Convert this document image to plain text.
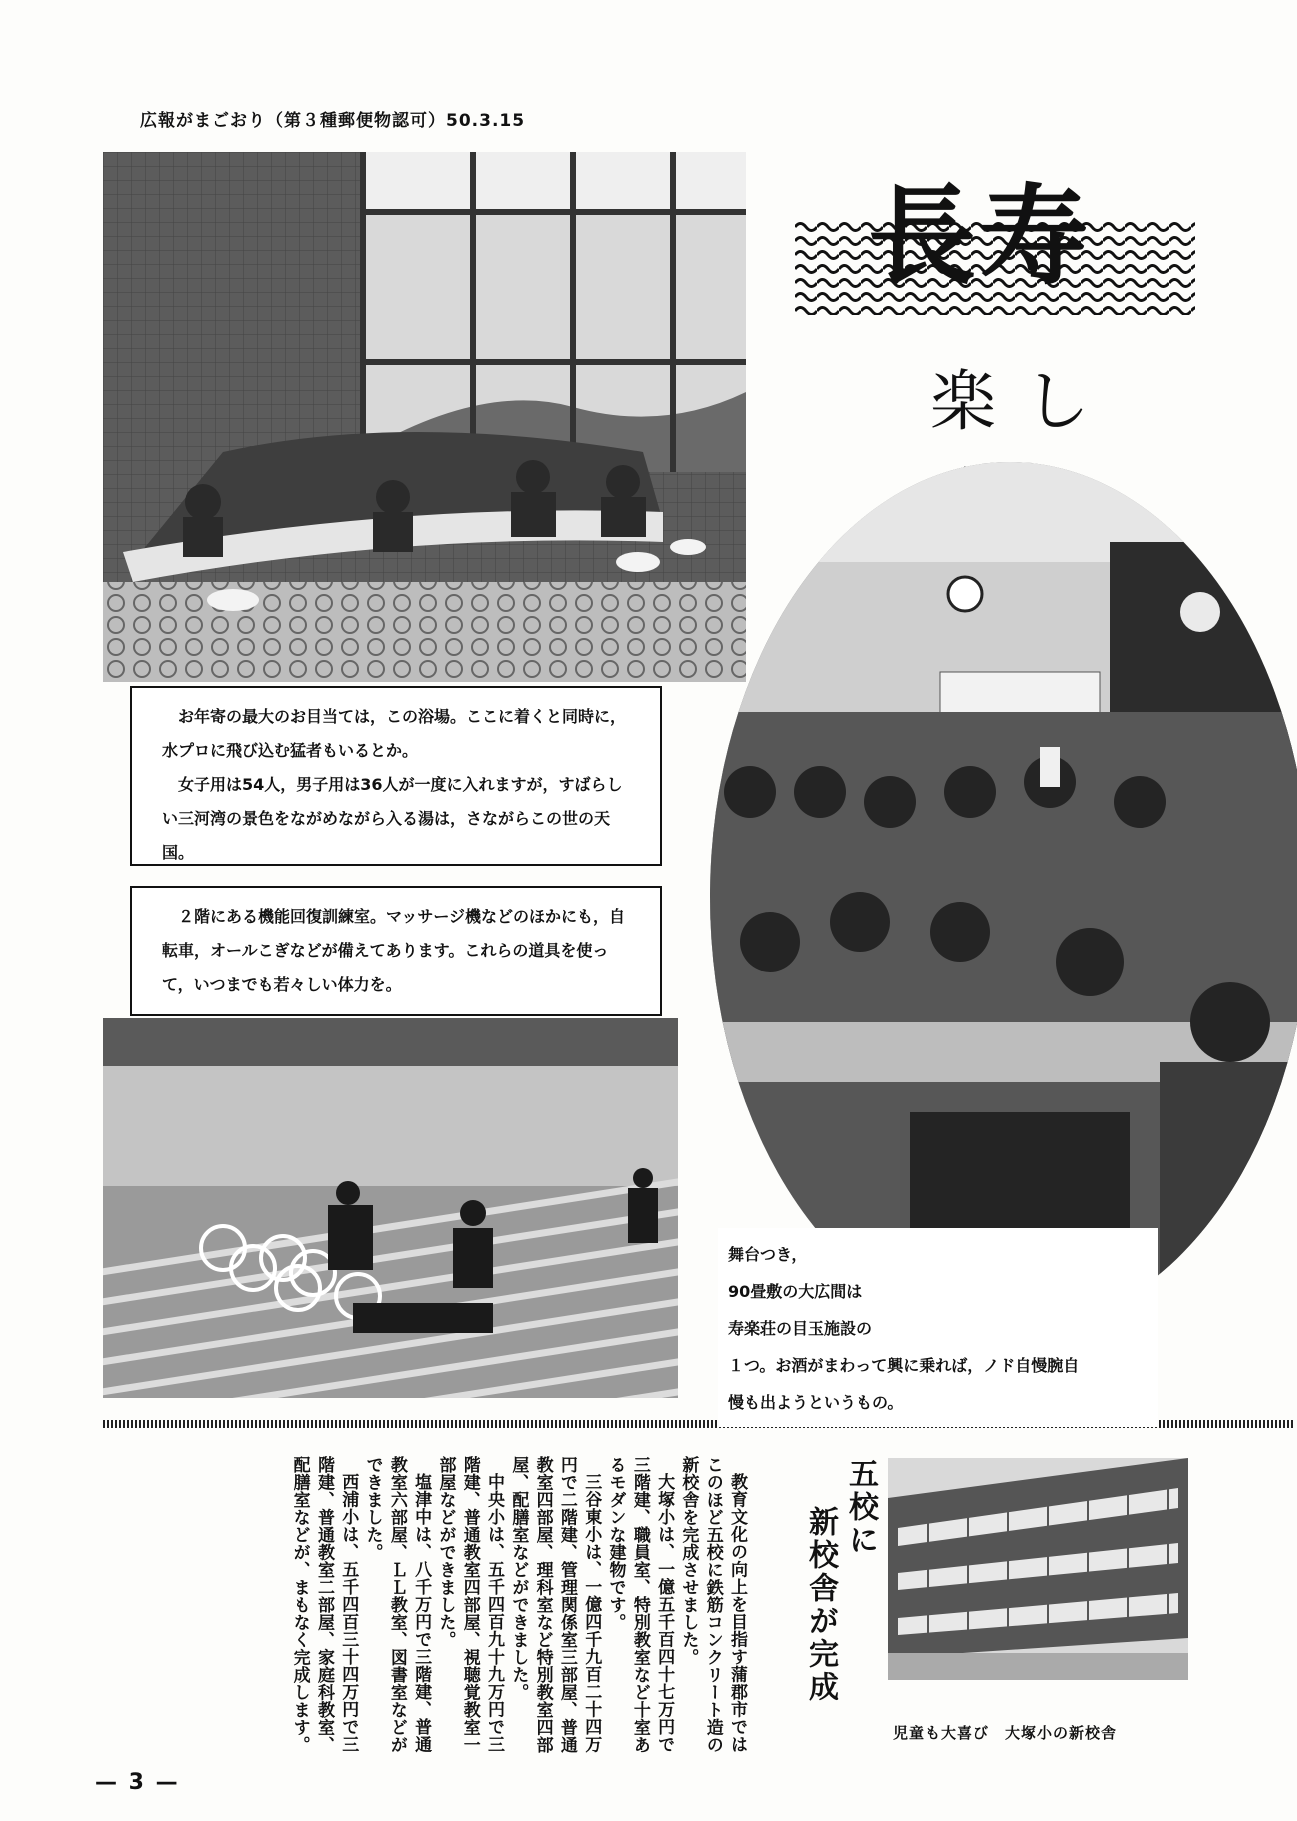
広報がまごおり（第３種郵便物認可）50.3.15
長寿
楽し

お年寄の最大のお目当ては，この浴場。ここに着くと同時に，水プロに飛び込む猛者もいるとか。

女子用は54人，男子用は36人が一度に入れますが，すばらしい三河湾の景色をながめながら入る湯は，さながらこの世の天国。

２階にある機能回復訓練室。マッサージ機などのほかにも，自転車，オールこぎなどが備えてあります。これらの道具を使って，いつまでも若々しい体力を。

舞台つき，

90畳敷の大広間は

寿楽荘の目玉施設の

１つ。お酒がまわって興に乗れば，ノド自慢腕自

慢も出ようというもの。

五校に
新校舎が完成

教育文化の向上を目指す蒲郡市ではこのほど五校に鉄筋コンクリート造の新校舎を完成させました。

大塚小は、一億五千百四十七万円で三階建、職員室、特別教室など十室あるモダンな建物です。

三谷東小は、一億四千九百二十四万円で二階建、管理関係室三部屋、普通教室四部屋、理科室など特別教室四部屋、配膳室などができました。

中央小は、五千四百九十九万円で三階建、普通教室四部屋、視聴覚教室一部屋などができました。

塩津中は、八千万円で三階建、普通教室六部屋、ＬＬ教室、図書室などができました。

西浦小は、五千四百三十四万円で三階建、普通教室二部屋、家庭科教室、配膳室などが、まもなく完成します。	児童も大喜び　大塚小の新校舎
— 3 —
